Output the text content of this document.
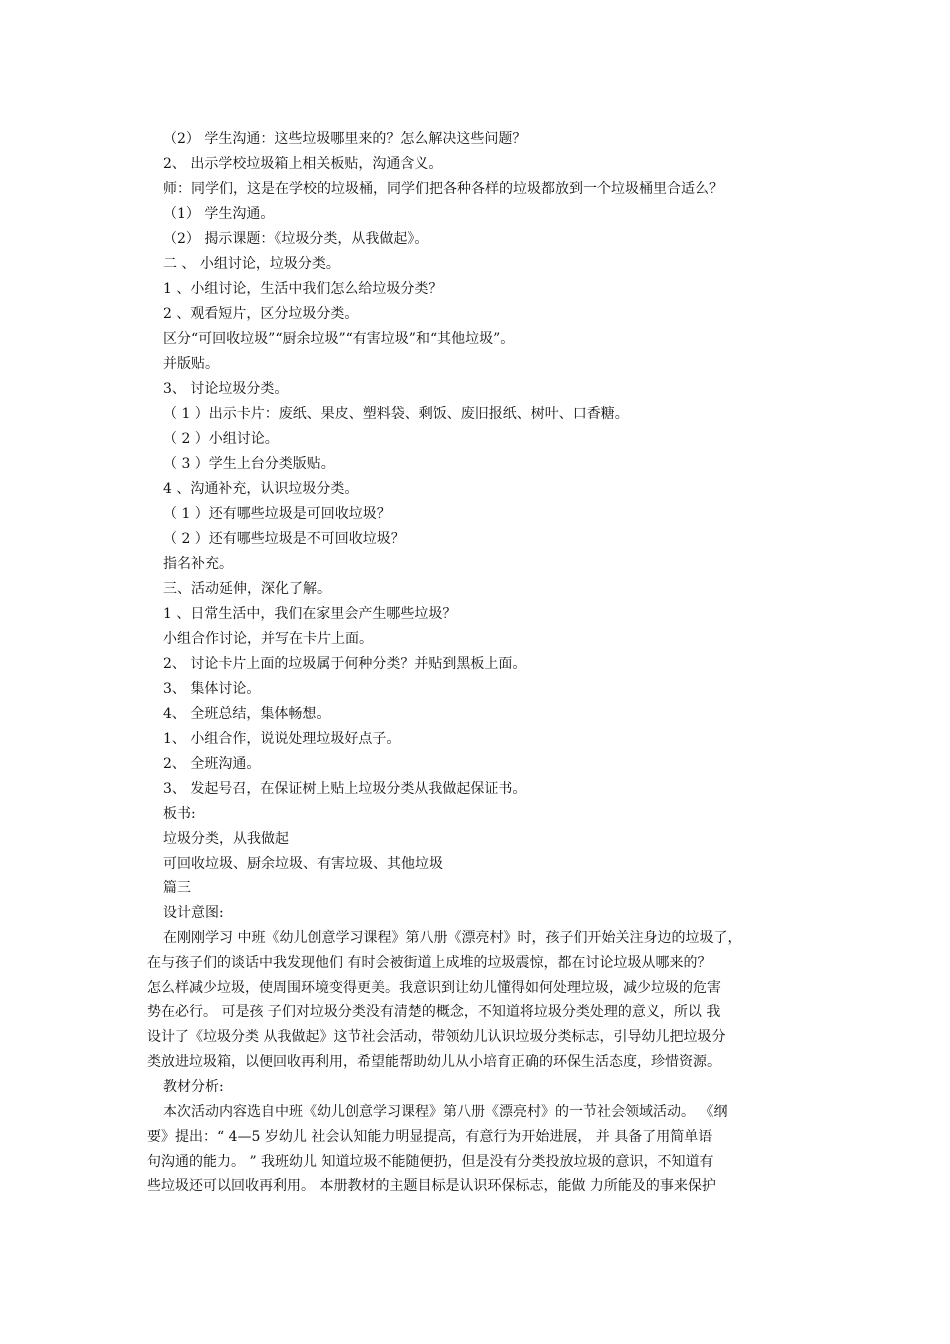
（2） 学生沟通：这些垃圾哪里来的？怎么解决这些问题？
2、 出示学校垃圾箱上相关板贴，沟通含义。
师：同学们，这是在学校的垃圾桶，同学们把各种各样的垃圾都放到一个垃圾桶里合适么？
（1） 学生沟通。
（2） 揭示课题：《垃圾分类，从我做起》。
二 、 小组讨论，垃圾分类。
1 、小组讨论，生活中我们怎么给垃圾分类？
2 、观看短片，区分垃圾分类。
区分“可回收垃圾”“厨余垃圾”“有害垃圾”和“其他垃圾”。
并版贴。
3、 讨论垃圾分类。
（ 1 ）出示卡片：废纸、果皮、塑料袋、剩饭、废旧报纸、树叶、口香糖。
（ 2 ）小组讨论。
（ 3 ）学生上台分类版贴。
4 、沟通补充，认识垃圾分类。
（ 1 ）还有哪些垃圾是可回收垃圾？
（ 2 ）还有哪些垃圾是不可回收垃圾？
指名补充。
三、活动延伸，深化了解。
1 、日常生活中，我们在家里会产生哪些垃圾？
小组合作讨论，并写在卡片上面。
2、 讨论卡片上面的垃圾属于何种分类？并贴到黑板上面。
3、 集体讨论。
4、 全班总结，集体畅想。
1、 小组合作，说说处理垃圾好点子。
2、 全班沟通。
3、 发起号召，在保证树上贴上垃圾分类从我做起保证书。
板书:
垃圾分类，从我做起
可回收垃圾、厨余垃圾、有害垃圾、其他垃圾
篇三
设计意图:
在刚刚学习 中班《幼儿创意学习课程》第八册《漂亮村》时，孩子们开始关注身边的垃圾了，
在与孩子们的谈话中我发现他们 有时会被街道上成堆的垃圾震惊，都在讨论垃圾从哪来的？
怎么样减少垃圾，使周围环境变得更美。我意识到让幼儿懂得如何处理垃圾，减少垃圾的危害
势在必行。 可是孩 子们对垃圾分类没有清楚的概念，不知道将垃圾分类处理的意义，所以 我
设计了《垃圾分类 从我做起》这节社会活动，带领幼儿认识垃圾分类标志，引导幼儿把垃圾分
类放进垃圾箱，以便回收再利用，希望能帮助幼儿从小培育正确的环保生活态度，珍惜资源。
教材分析:
本次活动内容选自中班《幼儿创意学习课程》第八册《漂亮村》的一节社会领域活动。 《纲
要》提出：“ 4—5 岁幼儿 社会认知能力明显提高，有意行为开始进展， 并 具备了用简单语
句沟通的能力。 ” 我班幼儿 知道垃圾不能随便扔，但是没有分类投放垃圾的意识，不知道有
些垃圾还可以回收再利用。 本册教材的主题目标是认识环保标志，能做 力所能及的事来保护
